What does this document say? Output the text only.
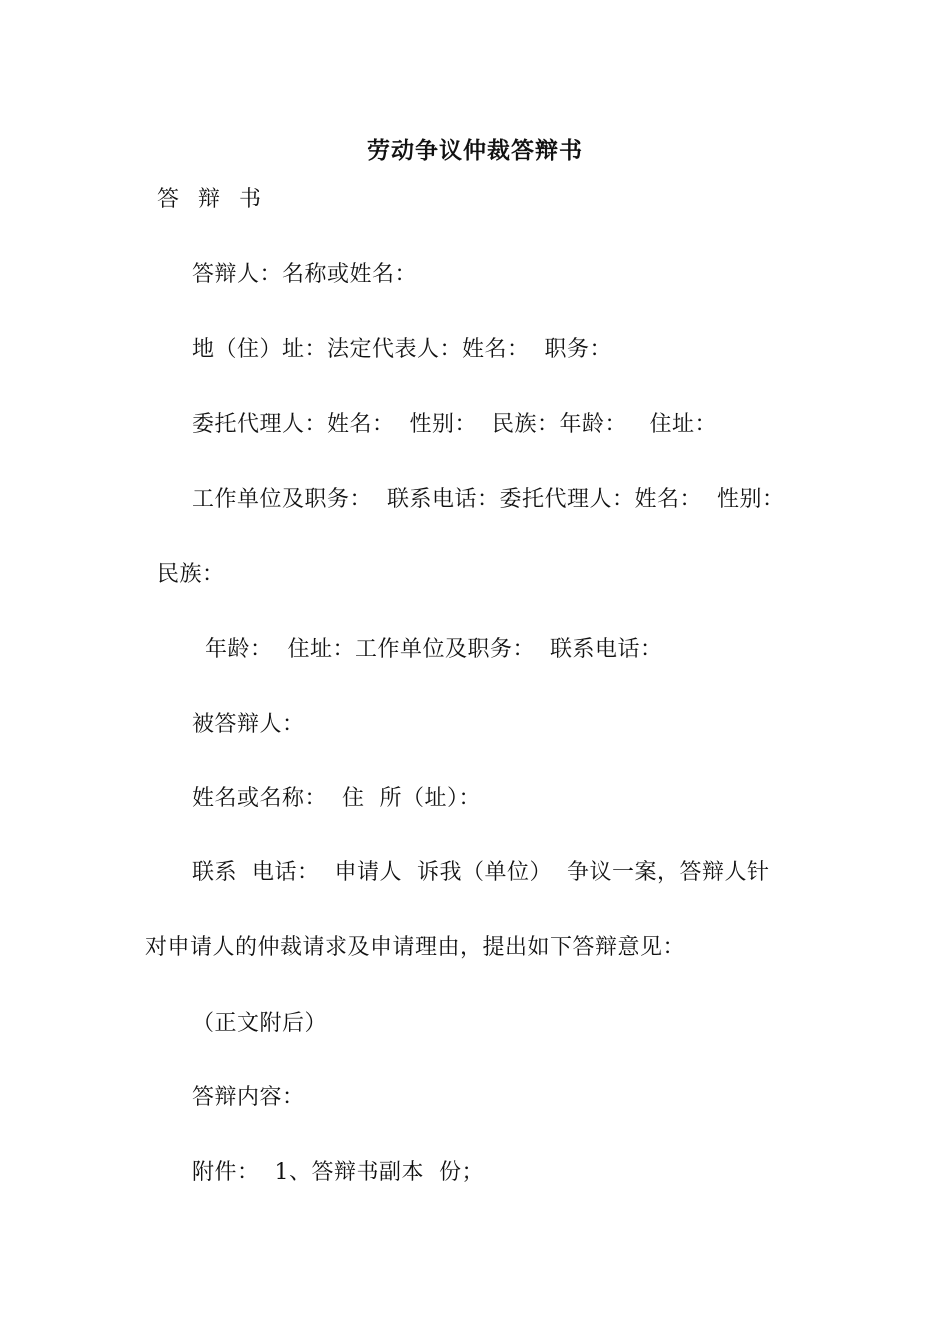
劳动争议仲裁答辩书
答 辩 书
答辩人：名称或姓名：
地（住）址：法定代表人：姓名：  职务：
委托代理人：姓名：  性别：  民族：年龄：   住址：
工作单位及职务：  联系电话：委托代理人：姓名：  性别：
民族：
年龄：  住址：工作单位及职务：  联系电话：
被答辩人：
姓名或名称：  住  所（址）：
联系  电话：  申请人  诉我（单位）  争议一案，答辩人针
对申请人的仲裁请求及申请理由，提出如下答辩意见：
（正文附后）
答辩内容：
附件：  1、答辩书副本  份；
